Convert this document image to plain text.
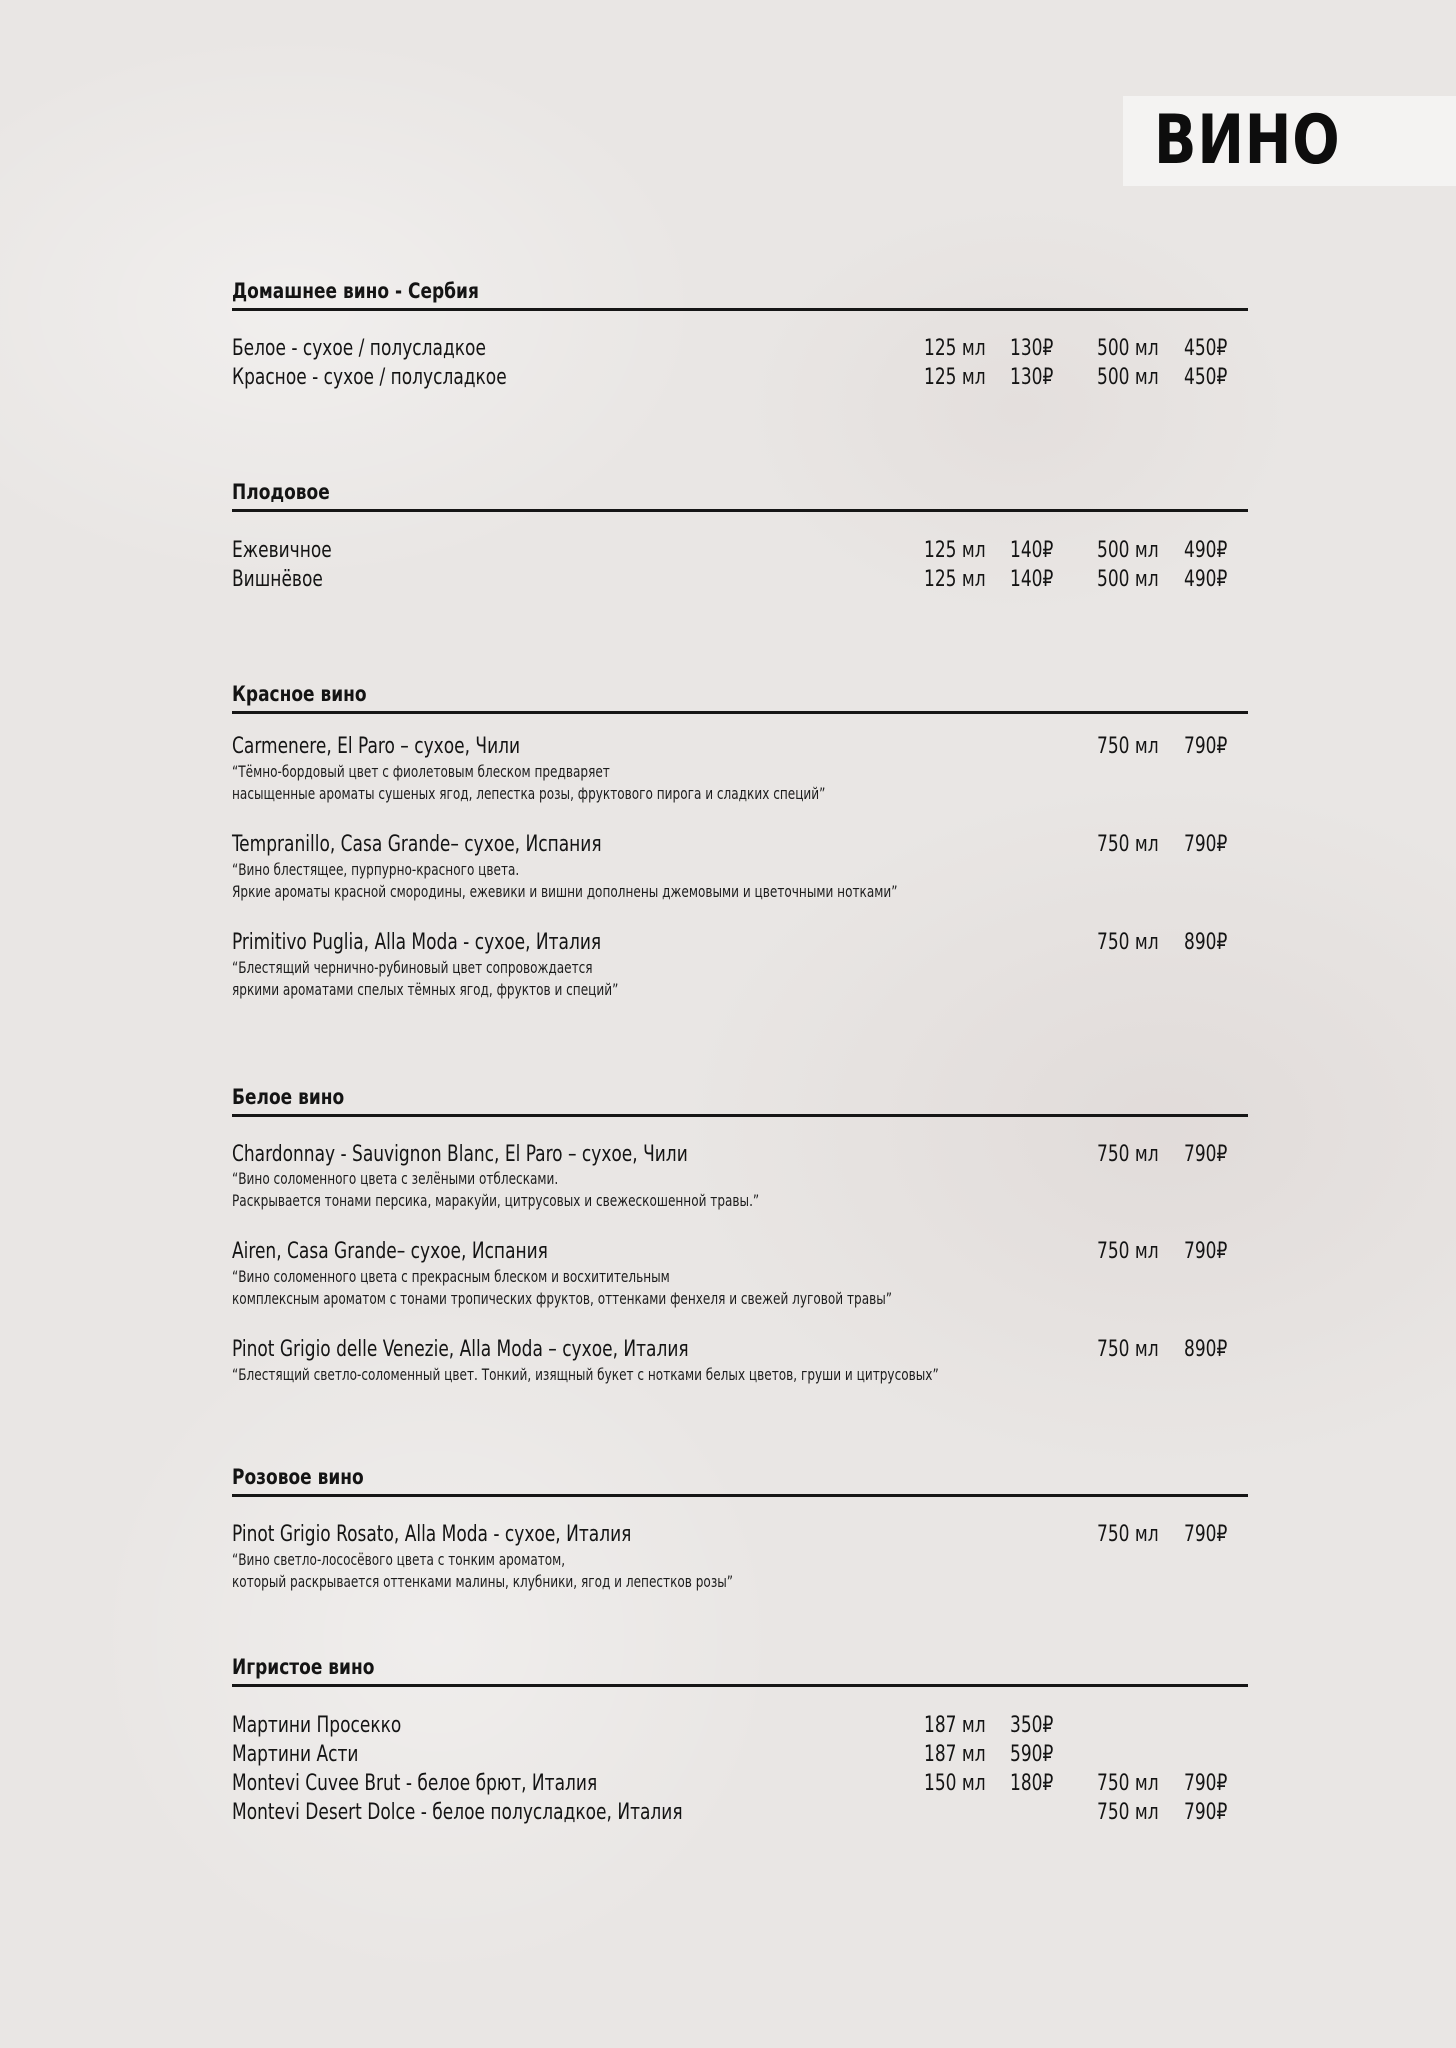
ВИНО
Домашнее вино - Сербия
Белое - сухое / полусладкое	125 мл 130₽ 500 мл 450₽
Красное - сухое / полусладкое	125 мл 130₽ 500 мл 450₽
Плодовое
Ежевичное	125 мл 140₽ 500 мл 490₽
Вишнёвое	125 мл 140₽ 500 мл 490₽
Красное вино
Carmenere, El Paro – сухое, Чили	750 мл 790₽
“Тёмно-бордовый цвет с фиолетовым блеском предваряет
насыщенные ароматы сушеных ягод, лепестка розы, фруктового пирога и сладких специй”
Tempranillo, Casa Grande– сухое, Испания	750 мл 790₽
“Вино блестящее, пурпурно-красного цвета.
Яркие ароматы красной смородины, ежевики и вишни дополнены джемовыми и цветочными нотками”
Primitivo Puglia, Alla Moda - сухое, Италия	750 мл 890₽
“Блестящий чернично-рубиновый цвет сопровождается
яркими ароматами спелых тёмных ягод, фруктов и специй”
Белое вино
Chardonnay - Sauvignon Blanc, El Paro – сухое, Чили	750 мл 790₽
“Вино соломенного цвета с зелёными отблесками.
Раскрывается тонами персика, маракуйи, цитрусовых и свежескошенной травы.”
Airen, Casa Grande– сухое, Испания	750 мл 790₽
“Вино соломенного цвета с прекрасным блеском и восхитительным
комплексным ароматом с тонами тропических фруктов, оттенками фенхеля и свежей луговой травы”
Pinot Grigio delle Venezie, Alla Moda – сухое, Италия	750 мл 890₽
“Блестящий светло-соломенный цвет. Тонкий, изящный букет с нотками белых цветов, груши и цитрусовых”
Розовое вино
Pinot Grigio Rosato, Alla Moda - сухое, Италия	750 мл 790₽
“Вино светло-лососёвого цвета с тонким ароматом,
который раскрывается оттенками малины, клубники, ягод и лепестков розы”
Игристое вино
Мартини Просекко	187 мл 350₽
Мартини Асти	187 мл 590₽
Montevi Cuvee Brut - белое брют, Италия	150 мл 180₽ 750 мл 790₽
Montevi Desert Dolce - белое полусладкое, Италия	750 мл 790₽
